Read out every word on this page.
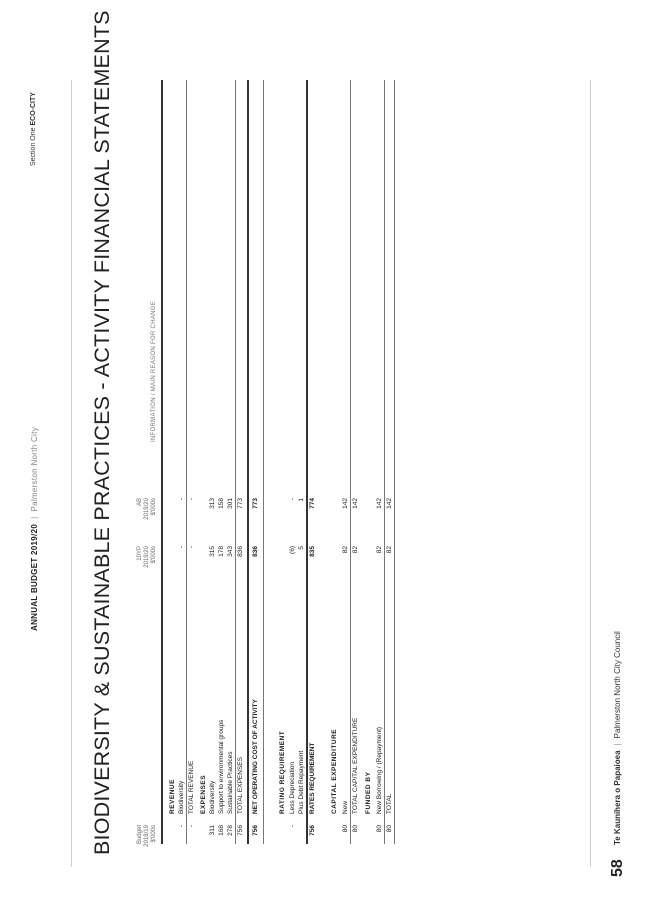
ANNUAL BUDGET 2019/20|Palmerston North City
Section One ECO-CITY BIODIVERSITY & SUSTAINABLE PRACTICES - ACTIVITY FINANCIAL STATEMENTS	Budget 2018/19 $'000s
10YP 2019/20 $'000s
AB 2019/20 $'000s
INFORMATION / MAIN REASON FOR CHANGE
REVENUE
-
Biodiversity
-
-
-
TOTAL REVENUE
-
-
EXPENSES
311
Biodiversity
315
313
168
Support to environmental groups
178
158
278
Sustainable Practices
343
301
756
TOTAL EXPENSES
836
773
756
NET OPERATING COST OF ACTIVITY
836
773
RATING REQUIREMENT
-
Less Depreciation
(6)
-
Plus Debt Repayment
5
1
756
RATES REQUIREMENT
835
774
CAPITAL EXPENDITURE
80
New
82
142
80
TOTAL CAPITAL EXPENDITURE
82
142
FUNDED BY
80
New Borrowing / (Repayment)
82
142
80
TOTAL
82
142
58
Te Kaunihera o Papaioea|Palmerston North City Council
